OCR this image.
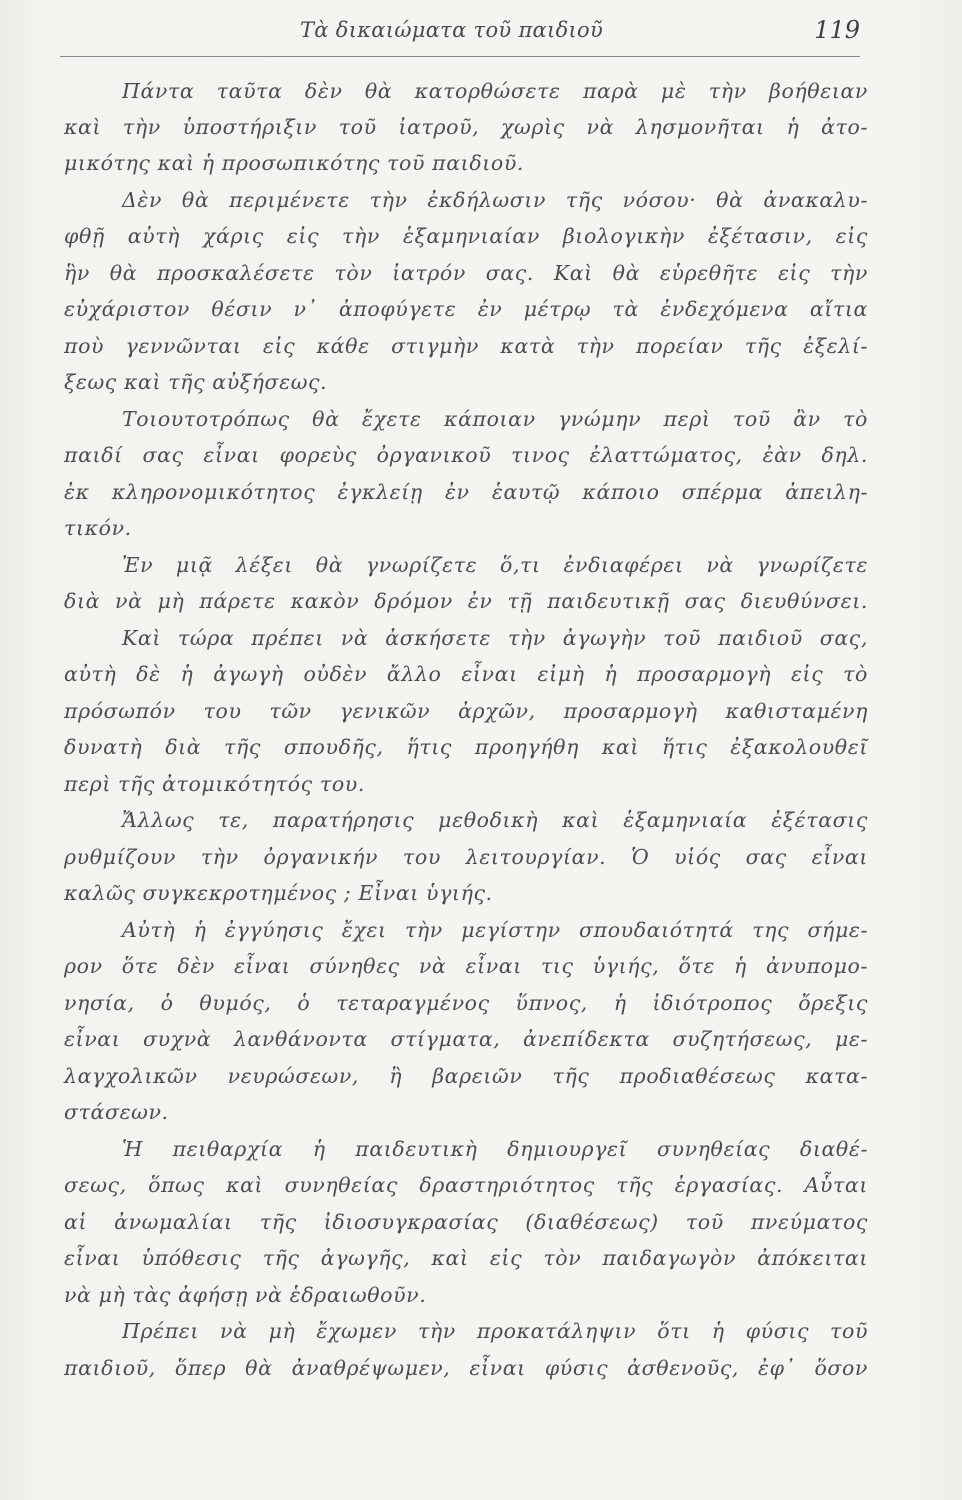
Τὰ δικαιώματα τοῦ παιδιοῦ	119
Πάντα ταῦτα δὲν θὰ κατορθώσετε παρὰ μὲ τὴν βοήθειαν
καὶ τὴν ὑποστήριξιν τοῦ ἰατροῦ, χωρὶς νὰ λησμονῆται ἡ ἀτο-
μικότης καὶ ἡ προσωπικότης τοῦ παιδιοῦ.
Δὲν θὰ περιμένετε τὴν ἐκδήλωσιν τῆς νόσου· θὰ ἀνακαλυ-
φθῇ αὐτὴ χάρις εἰς τὴν ἑξαμηνιαίαν βιολογικὴν ἐξέτασιν, εἰς
ἣν θὰ προσκαλέσετε τὸν ἰατρόν σας. Καὶ θὰ εὑρεθῆτε εἰς τὴν
εὐχάριστον θέσιν ν᾿ ἀποφύγετε ἐν μέτρῳ τὰ ἐνδεχόμενα αἴτια
ποὺ γεννῶνται εἰς κάθε στιγμὴν κατὰ τὴν πορείαν τῆς ἐξελί-
ξεως καὶ τῆς αὐξήσεως.
Τοιουτοτρόπως θὰ ἔχετε κάποιαν γνώμην περὶ τοῦ ἂν τὸ
παιδί σας εἶναι φορεὺς ὀργανικοῦ τινος ἐλαττώματος, ἐὰν δηλ.
ἐκ κληρονομικότητος ἐγκλείῃ ἐν ἑαυτῷ κάποιο σπέρμα ἀπειλη-
τικόν.
Ἐν μιᾷ λέξει θὰ γνωρίζετε ὅ,τι ἐνδιαφέρει νὰ γνωρίζετε
διὰ νὰ μὴ πάρετε κακὸν δρόμον ἐν τῇ παιδευτικῇ σας διευθύνσει.
Καὶ τώρα πρέπει νὰ ἀσκήσετε τὴν ἀγωγὴν τοῦ παιδιοῦ σας,
αὐτὴ δὲ ἡ ἀγωγὴ οὐδὲν ἄλλο εἶναι εἰμὴ ἡ προσαρμογὴ εἰς τὸ
πρόσωπόν του τῶν γενικῶν ἀρχῶν, προσαρμογὴ καθισταμένη
δυνατὴ διὰ τῆς σπουδῆς, ἥτις προηγήθη καὶ ἥτις ἐξακολουθεῖ
περὶ τῆς ἀτομικότητός του.
Ἄλλως τε, παρατήρησις μεθοδικὴ καὶ ἑξαμηνιαία ἐξέτασις
ρυθμίζουν τὴν ὀργανικήν του λειτουργίαν. Ὁ υἱός σας εἶναι
καλῶς συγκεκροτημένος ; Εἶναι ὑγιής.
Αὐτὴ ἡ ἐγγύησις ἔχει τὴν μεγίστην σπουδαιότητά της σήμε-
ρον ὅτε δὲν εἶναι σύνηθες νὰ εἶναι τις ὑγιής, ὅτε ἡ ἀνυπομο-
νησία, ὁ θυμός, ὁ τεταραγμένος ὕπνος, ἡ ἰδιότροπος ὄρεξις
εἶναι συχνὰ λανθάνοντα στίγματα, ἀνεπίδεκτα συζητήσεως, με-
λαγχολικῶν νευρώσεων, ἢ βαρειῶν τῆς προδιαθέσεως κατα-
στάσεων.
Ἡ πειθαρχία ἡ παιδευτικὴ δημιουργεῖ συνηθείας διαθέ-
σεως, ὅπως καὶ συνηθείας δραστηριότητος τῆς ἐργασίας. Αὗται
αἱ ἀνωμαλίαι τῆς ἰδιοσυγκρασίας (διαθέσεως) τοῦ πνεύματος
εἶναι ὑπόθεσις τῆς ἀγωγῆς, καὶ εἰς τὸν παιδαγωγὸν ἀπόκειται
νὰ μὴ τὰς ἀφήσῃ νὰ ἑδραιωθοῦν.
Πρέπει νὰ μὴ ἔχωμεν τὴν προκατάληψιν ὅτι ἡ φύσις τοῦ
παιδιοῦ, ὅπερ θὰ ἀναθρέψωμεν, εἶναι φύσις ἀσθενοῦς, ἐφ᾿ ὅσον
